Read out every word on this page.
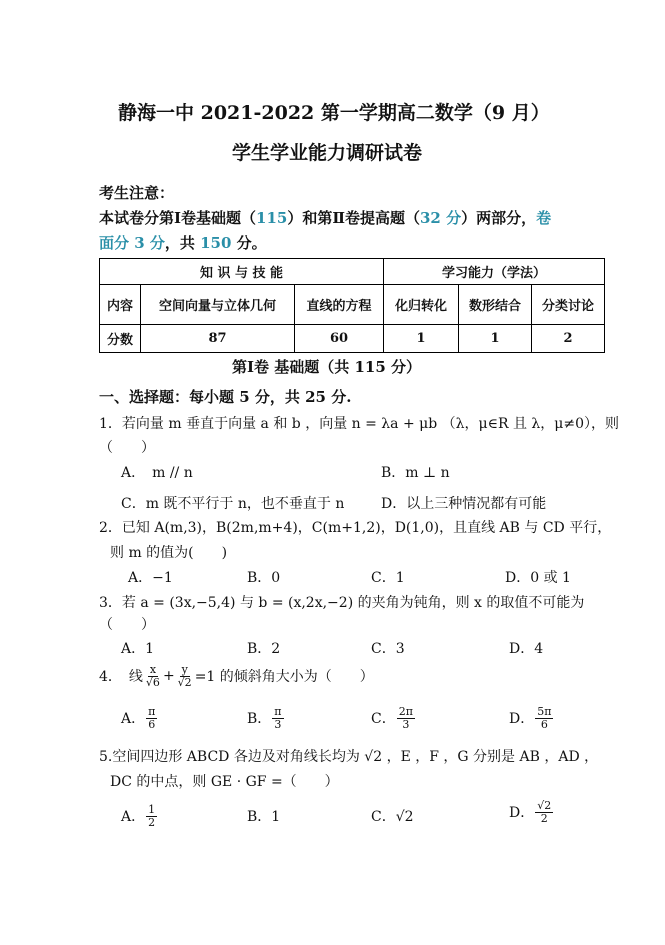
静海一中 2021-2022 第一学期高二数学（9 月）
学生学业能力调研试卷
考生注意：
本试卷分第Ⅰ卷基础题（115）和第Ⅱ卷提高题（32 分）两部分，卷
面分 3 分，共 150 分。
知 识 与 技 能			学习能力（学法）		
内容	空间向量与立体几何	直线的方程	化归转化	数形结合	分类讨论
分数	87	60	1	1	2
第Ⅰ卷 基础题（共 115 分）
一、选择题：每小题 5 分，共 25 分.
1．若向量 m 垂直于向量 a 和 b ，向量 n = λa + μb （λ，μ∈R 且 λ，μ≠0），则
（　　）
A．　m // n	B．m ⊥ n
C．m 既不平行于 n，也不垂直于 n	D．以上三种情况都有可能
2．已知 A(m,3)，B(2m,m+4)，C(m+1,2)，D(1,0)，且直线 AB 与 CD 平行，
则 m 的值为(　　)
A．−1	B．0	C．1	D．0 或 1
3．若 a = (3x,−5,4) 与 b = (x,2x,−2) 的夹角为钝角，则 x 的取值不可能为
（　　）
A．1	B．2	C．3	D．4
4．　线 $\frac{x}{√6} + \frac{y}{√2} =1$ 的倾斜角大小为（　　）
A． $\frac{\pi}{6}$	B． $\frac{\pi}{3}$	C． $\frac{2\pi}{3}$	D． $\frac{5\pi}{6}$
5.空间四边形 ABCD 各边及对角线长均为 √2 ，E ，F ，G 分别是 AB ，AD ，
DC 的中点，则 GE · GF =（　　）
A． $\frac{1}{2}$	B．1	C．√2	D． $\frac{√2}{2}$
